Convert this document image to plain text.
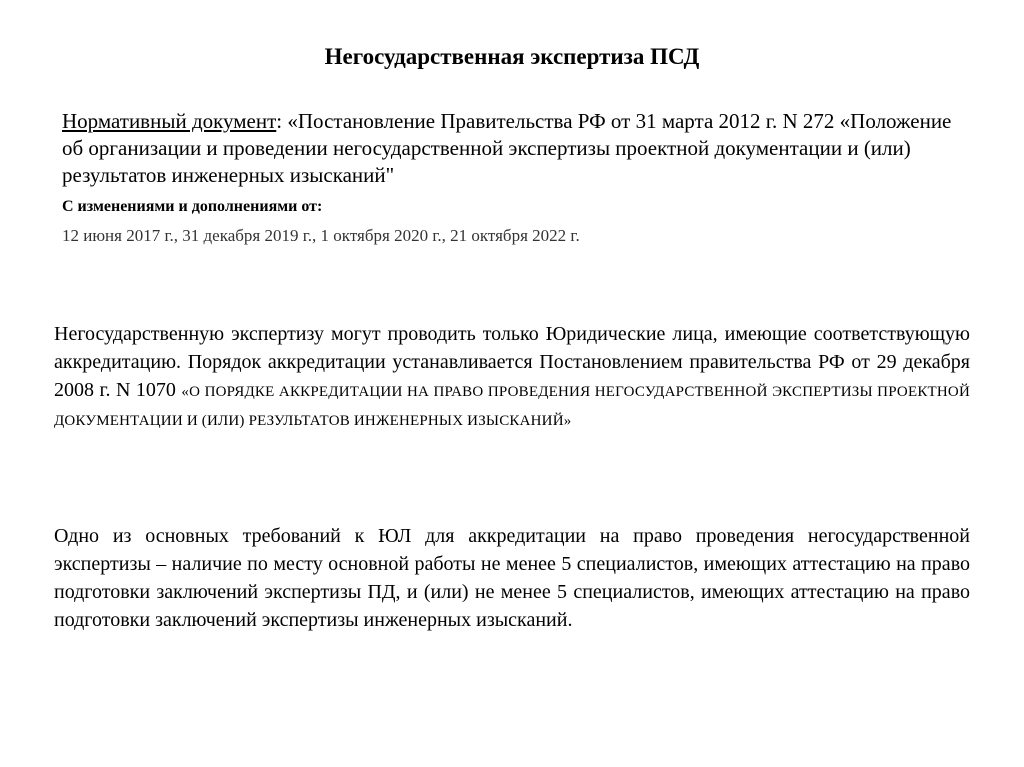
Негосударственная экспертиза ПСД
Нормативный документ: «Постановление Правительства РФ от 31 марта 2012 г. N 272 «Положение об организации и проведении негосударственной экспертизы проектной документации и (или) результатов инженерных изысканий"
С изменениями и дополнениями от:
12 июня 2017 г., 31 декабря 2019 г., 1 октября 2020 г., 21 октября 2022 г.
Негосударственную экспертизу могут проводить только Юридические лица, имеющие соответствующую аккредитацию. Порядок аккредитации устанавливается Постановлением правительства РФ от 29 декабря 2008 г. N 1070 «О ПОРЯДКЕ АККРЕДИТАЦИИ НА ПРАВО ПРОВЕДЕНИЯ НЕГОСУДАРСТВЕННОЙ ЭКСПЕРТИЗЫ ПРОЕКТНОЙ ДОКУМЕНТАЦИИ И (ИЛИ) РЕЗУЛЬТАТОВ ИНЖЕНЕРНЫХ ИЗЫСКАНИЙ»
Одно из основных требований к ЮЛ для аккредитации на право проведения негосударственной экспертизы – наличие по месту основной работы не менее 5 специалистов, имеющих аттестацию на право подготовки заключений экспертизы ПД, и (или) не менее 5 специалистов, имеющих аттестацию на право подготовки заключений экспертизы инженерных изысканий.
